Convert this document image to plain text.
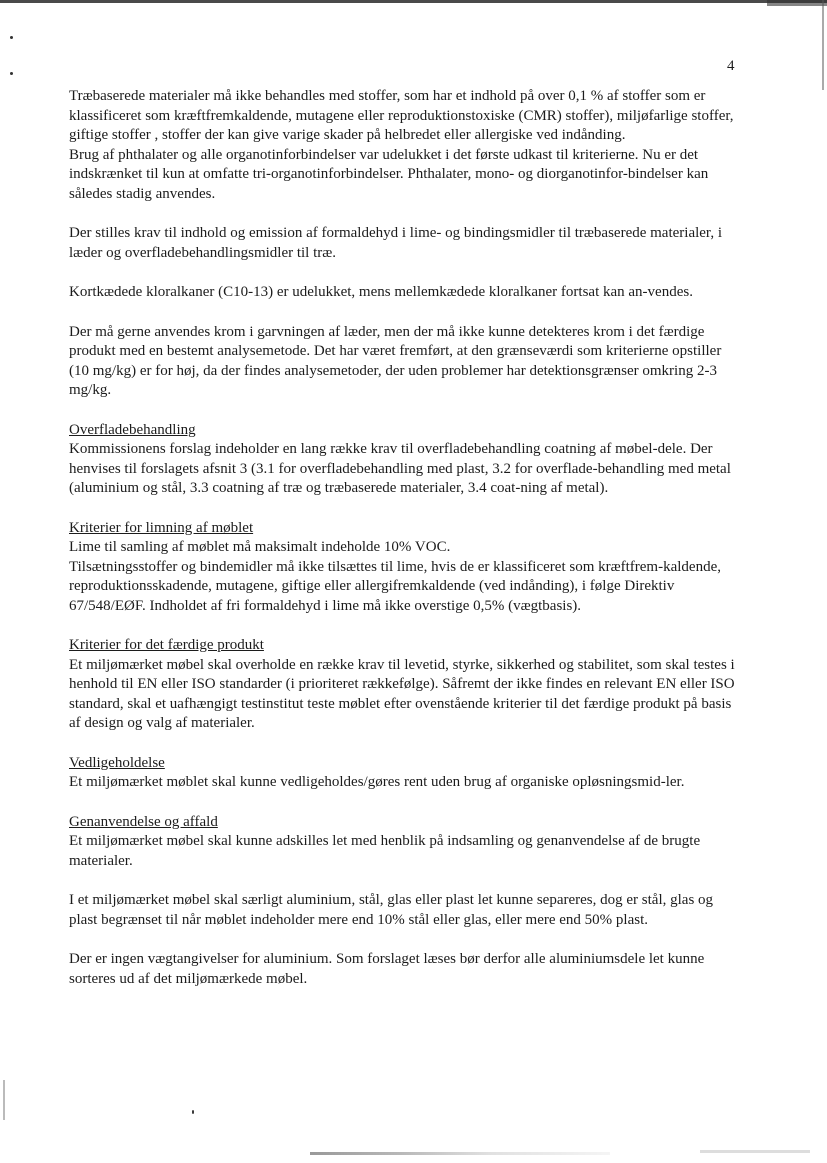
4

Træbaserede materialer må ikke behandles med stoffer, som har et indhold på over 0,1 % af stoffer som er klassificeret som kræftfremkaldende, mutagene eller reproduktionstoxiske (CMR) stoffer), miljøfarlige stoffer, giftige stoffer , stoffer der kan give varige skader på helbredet eller allergiske ved indånding.

Brug af phthalater og alle organotinforbindelser var udelukket i det første udkast til kriterierne. Nu er det indskrænket til kun at omfatte tri-organotinforbindelser. Phthalater, mono- og diorganotinfor-bindelser kan således stadig anvendes.

Der stilles krav til indhold og emission af formaldehyd i lime- og bindingsmidler til træbaserede materialer, i læder og overfladebehandlingsmidler til træ.

Kortkædede kloralkaner (C10-13) er udelukket, mens mellemkædede kloralkaner fortsat kan an-vendes.

Der må gerne anvendes krom i garvningen af læder, men der må ikke kunne detekteres krom i det færdige produkt med en bestemt analysemetode. Det har været fremført, at den grænseværdi som kriterierne opstiller (10 mg/kg) er for høj, da der findes analysemetoder, der uden problemer har detektionsgrænser omkring 2-3 mg/kg.

Overfladebehandling

Kommissionens forslag indeholder en lang række krav til overfladebehandling coatning af møbel-dele. Der henvises til forslagets afsnit 3 (3.1 for overfladebehandling med plast, 3.2 for overflade-behandling med metal (aluminium og stål, 3.3 coatning af træ og træbaserede materialer, 3.4 coat-ning af metal).

Kriterier for limning af møblet

Lime til samling af møblet må maksimalt indeholde 10% VOC.

Tilsætningsstoffer og bindemidler må ikke tilsættes til lime, hvis de er klassificeret som kræftfrem-kaldende, reproduktionsskadende, mutagene, giftige eller allergifremkaldende (ved indånding), i følge Direktiv 67/548/EØF. Indholdet af fri formaldehyd i lime må ikke overstige 0,5% (vægtbasis).

Kriterier for det færdige produkt

Et miljømærket møbel skal overholde en række krav til levetid, styrke, sikkerhed og stabilitet, som skal testes i henhold til EN eller ISO standarder (i prioriteret rækkefølge). Såfremt der ikke findes en relevant EN eller ISO standard, skal et uafhængigt testinstitut teste møblet efter ovenstående kriterier til det færdige produkt på basis af design og valg af materialer.

Vedligeholdelse

Et miljømærket møblet skal kunne vedligeholdes/gøres rent uden brug af organiske opløsningsmid-ler.

Genanvendelse og affald

Et miljømærket møbel skal kunne adskilles let med henblik på indsamling og genanvendelse af de brugte materialer.

I et miljømærket møbel skal særligt aluminium, stål, glas eller plast let kunne separeres, dog er stål, glas og plast begrænset til når møblet indeholder mere end 10% stål eller glas, eller mere end 50% plast.

Der er ingen vægtangivelser for aluminium. Som forslaget læses bør derfor alle aluminiumsdele let kunne sorteres ud af det miljømærkede møbel.
